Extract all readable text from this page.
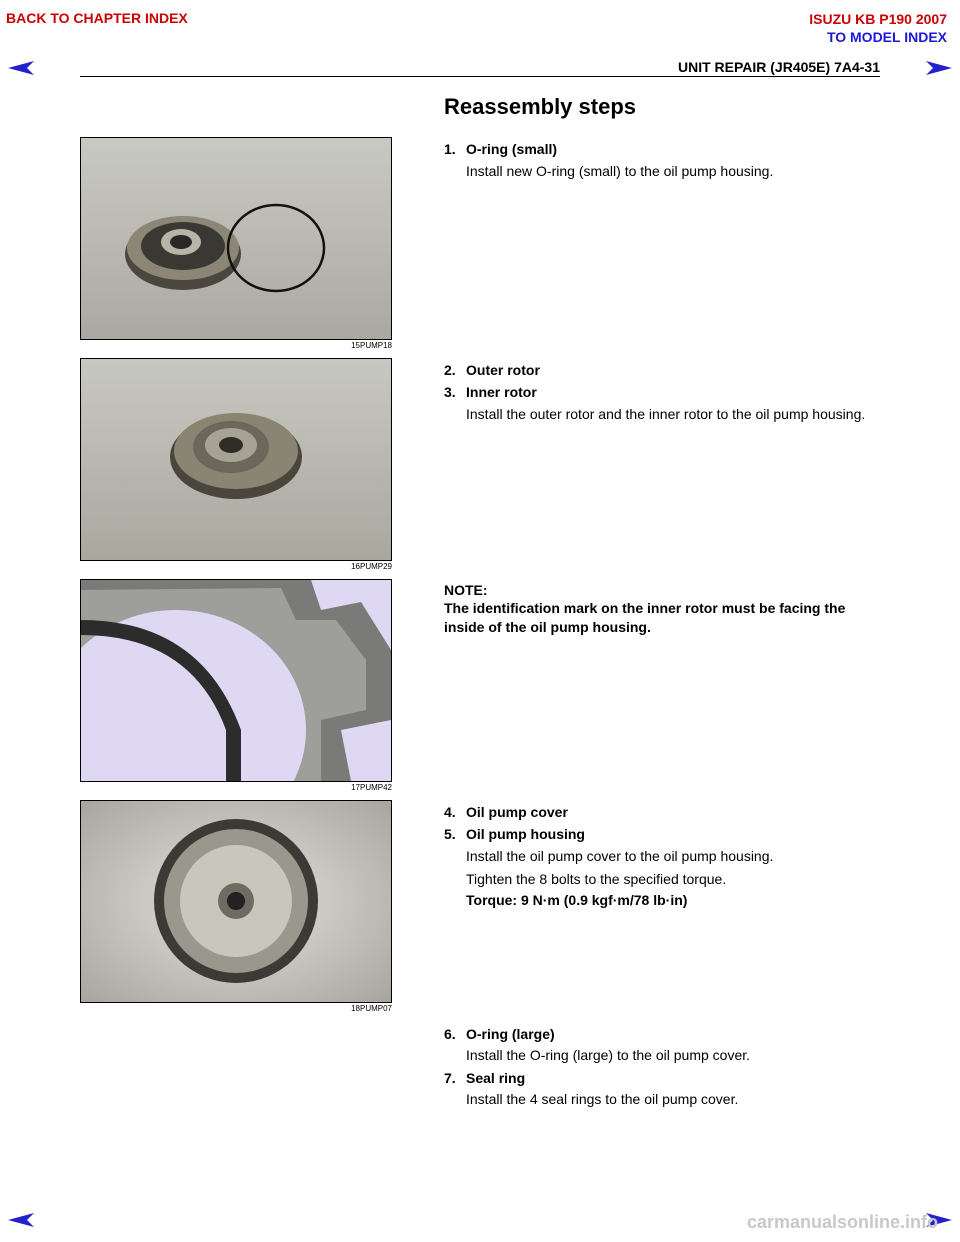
BACK TO CHAPTER INDEX	ISUZU KB P190 2007
TO MODEL INDEX
UNIT REPAIR (JR405E) 7A4-31
Reassembly steps
15PUMP18
16PUMP29
17PUMP42
18PUMP07
1. O-ring (small)
Install new O-ring (small) to the oil pump housing.
2. Outer rotor
3. Inner rotor
Install the outer rotor and the inner rotor to the oil pump housing.
NOTE:
The identification mark on the inner rotor must be facing the inside of the oil pump housing.
4. Oil pump cover
5. Oil pump housing
Install the oil pump cover to the oil pump housing.
Tighten the 8 bolts to the specified torque.
Torque: 9 N·m (0.9 kgf·m/78 lb·in)
6. O-ring (large)
Install the O-ring (large) to the oil pump cover.
7. Seal ring
Install the 4 seal rings to the oil pump cover.
carmanualsonline.info
